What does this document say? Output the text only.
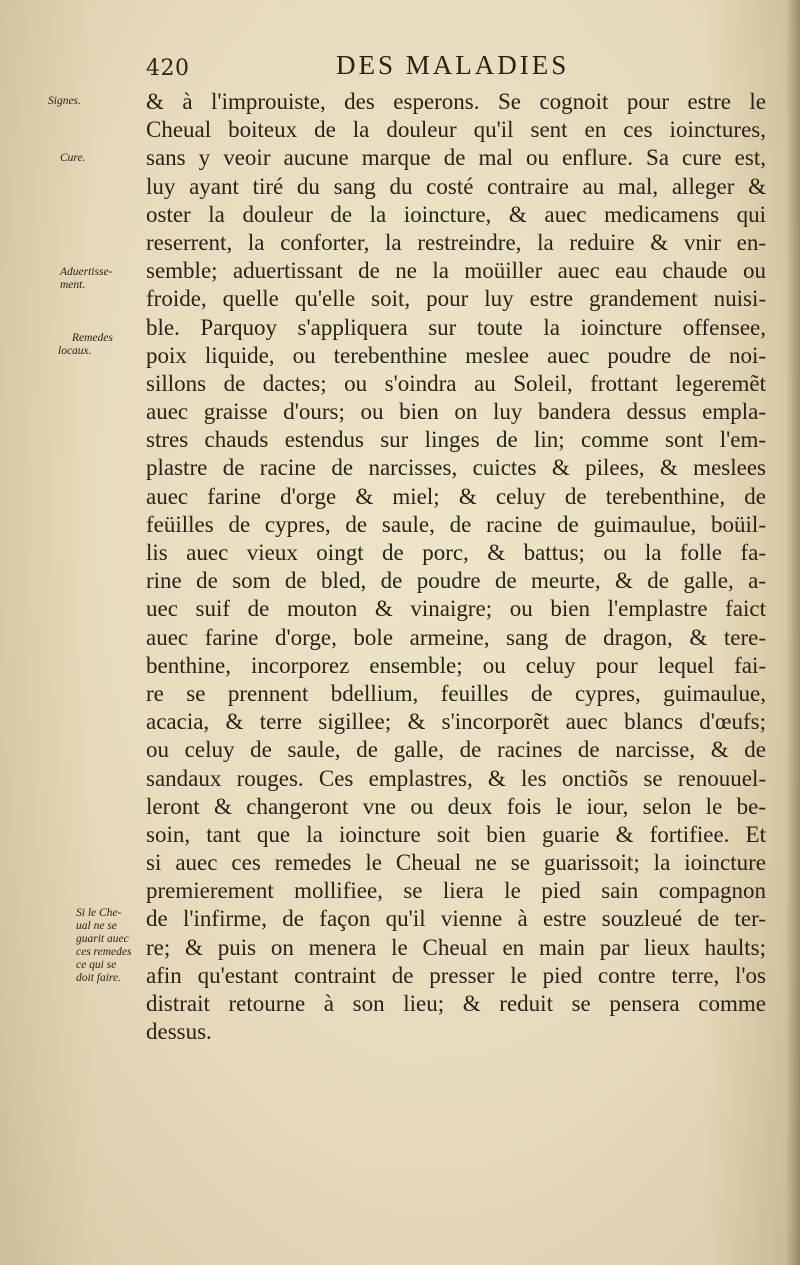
420	DES MALADIES
Signes.
Cure.
Aduertisse-
ment.
Remedes
locaux.
Si le Che-
ual ne se
guarit auec
ces remedes
ce qui se
doit faire.
& à l'improuiste, des esperons. Se cognoit pour estre le
Cheual boiteux de la douleur qu'il sent en ces ioinctures,
sans y veoir aucune marque de mal ou enflure. Sa cure est,
luy ayant tiré du sang du costé contraire au mal, alleger &
oster la douleur de la ioincture, & auec medicamens qui
reserrent, la conforter, la restreindre, la reduire & vnir en-
semble; aduertissant de ne la moüiller auec eau chaude ou
froide, quelle qu'elle soit, pour luy estre grandement nuisi-
ble. Parquoy s'appliquera sur toute la ioincture offensee,
poix liquide, ou terebenthine meslee auec poudre de noi-
sillons de dactes; ou s'oindra au Soleil, frottant legeremẽt
auec graisse d'ours; ou bien on luy bandera dessus empla-
stres chauds estendus sur linges de lin; comme sont l'em-
plastre de racine de narcisses, cuictes & pilees, & meslees
auec farine d'orge & miel; & celuy de terebenthine, de
feüilles de cypres, de saule, de racine de guimaulue, boüil-
lis auec vieux oingt de porc, & battus; ou la folle fa-
rine de som de bled, de poudre de meurte, & de galle, a-
uec suif de mouton & vinaigre; ou bien l'emplastre faict
auec farine d'orge, bole armeine, sang de dragon, & tere-
benthine, incorporez ensemble; ou celuy pour lequel fai-
re se prennent bdellium, feuilles de cypres, guimaulue,
acacia, & terre sigillee; & s'incorporẽt auec blancs d'œufs;
ou celuy de saule, de galle, de racines de narcisse, & de
sandaux rouges. Ces emplastres, & les onctiõs se renouuel-
leront & changeront vne ou deux fois le iour, selon le be-
soin, tant que la ioincture soit bien guarie & fortifiee. Et
si auec ces remedes le Cheual ne se guarissoit; la ioincture
premierement mollifiee, se liera le pied sain compagnon
de l'infirme, de façon qu'il vienne à estre souzleué de ter-
re; & puis on menera le Cheual en main par lieux haults;
afin qu'estant contraint de presser le pied contre terre, l'os
distrait retourne à son lieu; & reduit se pensera comme
dessus.
